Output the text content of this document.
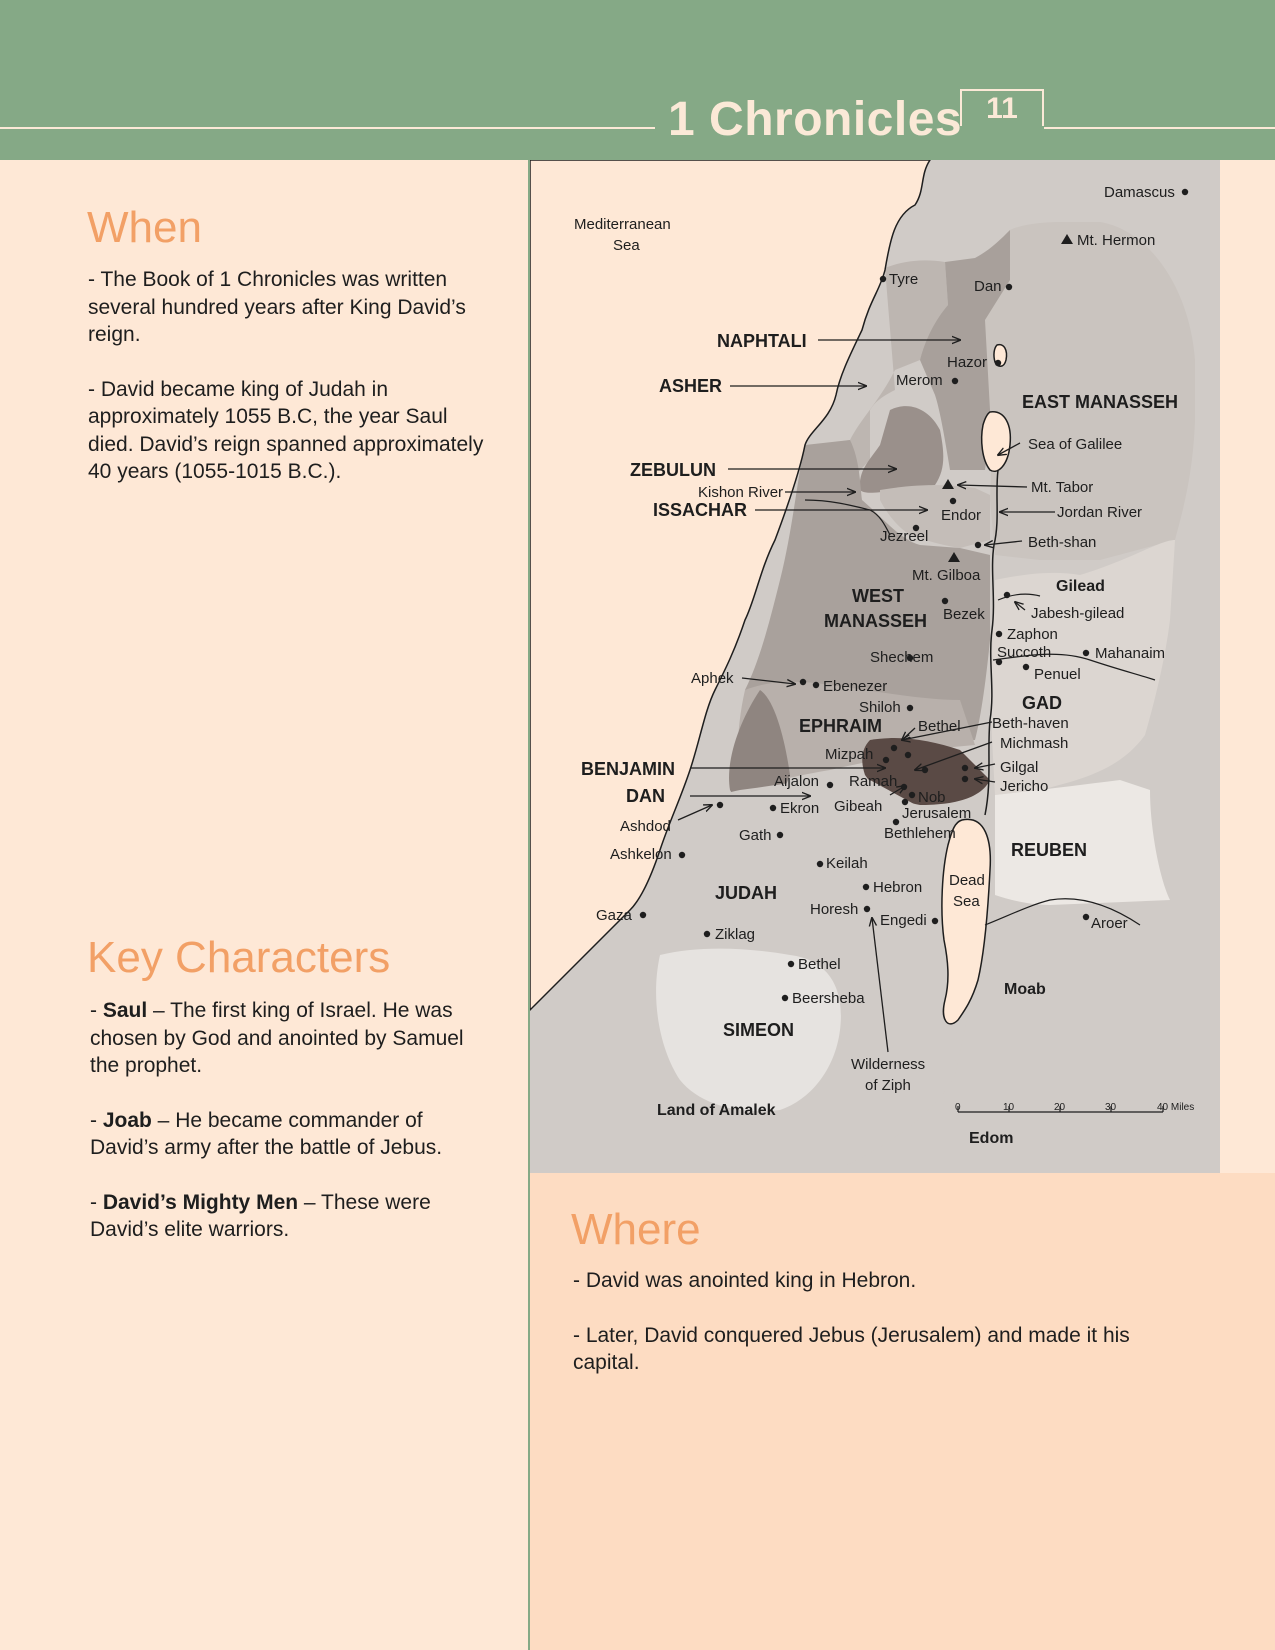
1 Chronicles 11
When

- The Book of 1 Chronicles was written several hundred years after King David’s reign.

- David became king of Judah in approximately 1055 B.C, the year Saul died. David’s reign spanned approximately 40 years (1055-1015 B.C.).

Key Characters

- Saul – The first king of Israel. He was chosen by God and anointed by Samuel the prophet.

- Joab – He became commander of David’s army after the battle of Jebus.

- David’s Mighty Men – These were David’s elite warriors.	Where

- David was anointed king in Hebron.

- Later, David conquered Jebus (Jerusalem) and made it his capital.

Mediterranean
Sea
Sea of Galilee
Kishon River
Jordan River
Dead
Sea
NAPHTALI
ASHER
ZEBULUN
ISSACHAR
WEST
MANASSEH
EAST MANASSEH
EPHRAIM
BENJAMIN
DAN
JUDAH
SIMEON
GAD
REUBEN
Damascus
Mt. Hermon
Tyre	Dan
Hazor
Merom
Mt. Tabor
Endor
Jezreel	Beth-shan
Mt. Gilboa
Gilead
Jabesh-gilead
Bezek
Zaphon
Succoth	Mahanaim
Penuel
Shechem
Aphek	Ebenezer
Shiloh
Bethel Beth-haven
Michmash
Mizpah
Gilgal
Jericho
Aijalon Ramah
Nob
Ekron Gibeah Jerusalem
Ashdod
Gath	Bethlehem
Ashkelon
Keilah
Hebron
Horesh
Engedi
Gaza
Ziklag
Bethel
Beersheba
Aroer
Wilderness
of Ziph
Land of Amalek
Moab
Edom
0	10	20	30	40 Miles
